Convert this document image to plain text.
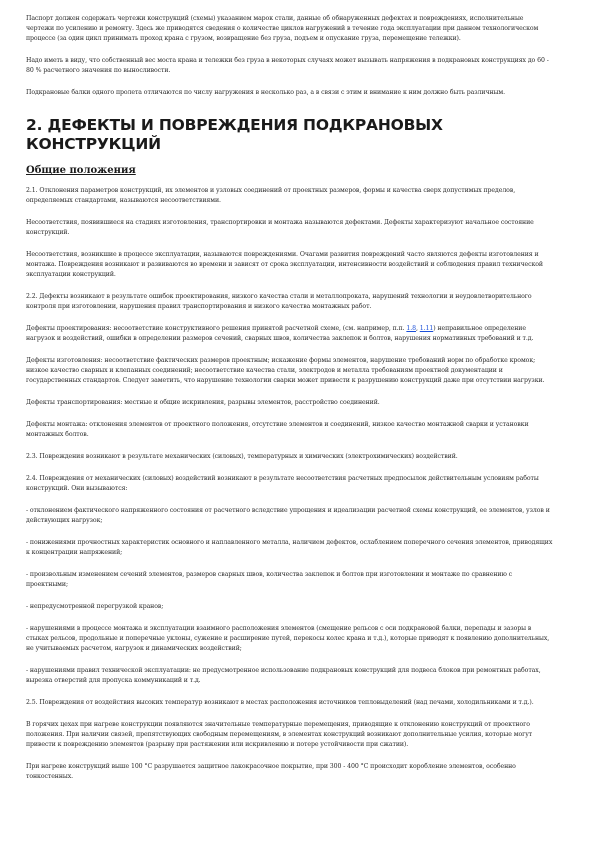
Паспорт должен содержать чертежи конструкций (схемы) указанием марок стали, данные об обнаруженных дефектах и повреждениях, исполнительные чертежи по усилению и ремонту. Здесь же приводятся сведения о количестве циклов нагружений в течение года эксплуатации при данном технологическом процессе (за один цикл принимать проход крана с грузом, возвращение без груза, подъем и опускание груза, перемещение тележки).

Надо иметь в виду, что собственный вес моста крана и тележки без груза в некоторых случаях может вызывать напряжения в подкрановых конструкциях до 60 - 80 % расчетного значения по выносливости.

Подкрановые балки одного пролета отличаются по числу нагружения в несколько раз, а в связи с этим и внимание к ним должно быть различным.

2. ДЕФЕКТЫ И ПОВРЕЖДЕНИЯ ПОДКРАНОВЫХ КОНСТРУКЦИЙ
Общие положения

2.1. Отклонения параметров конструкций, их элементов и узловых соединений от проектных размеров, формы и качества сверх допустимых пределов, определяемых стандартами, называются несоответствиями.

Несоответствия, появившиеся на стадиях изготовления, транспортировки и монтажа называются дефектами. Дефекты характеризуют начальное состояние конструкций.

Несоответствия, возникшие в процессе эксплуатации, называются повреждениями. Очагами развития повреждений часто являются дефекты изготовления и монтажа. Повреждения возникают и развиваются во времени и зависят от срока эксплуатации, интенсивности воздействий и соблюдения правил технической эксплуатации конструкций.

2.2. Дефекты возникают в результате ошибок проектирования, низкого качества стали и металлопроката, нарушений технологии и неудовлетворительного контроля при изготовлении, нарушения правил транспортирования и низкого качества монтажных работ.

Дефекты проектирования: несоответствие конструктивного решения принятой расчетной схеме, (см. например, п.п. 1.8, 1.11) неправильное определение нагрузок и воздействий, ошибки в определении размеров сечений, сварных швов, количества заклепок и болтов, нарушения нормативных требований и т.д.

Дефекты изготовления: несоответствие фактических размеров проектным; искажение формы элементов, нарушение требований норм по обработке кромок; низкое качество сварных и клепанных соединений; несоответствие качества стали, электродов и металла требованиям проектной документации и государственных стандартов. Следует заметить, что нарушение технологии сварки может привести к разрушению конструкций даже при отсутствии нагрузки.

Дефекты транспортирования: местные и общие искривления, разрывы элементов, расстройство соединений.

Дефекты монтажа: отклонения элементов от проектного положения, отсутствие элементов и соединений, низкое качество монтажной сварки и установки монтажных болтов.

2.3. Повреждения возникают в результате механических (силовых), температурных и химических (электрохимических) воздействий.

2.4. Повреждения от механических (силовых) воздействий возникают в результате несоответствия расчетных предпосылок действительным условиям работы конструкций. Они вызываются:

- отклонением фактического напряженного состояния от расчетного вследствие упрощения и идеализации расчетной схемы конструкций, ее элементов, узлов и действующих нагрузок;

- понижениями прочностных характеристик основного и наплавленного металла, наличием дефектов, ослаблением поперечного сечения элементов, приводящих к концентрации напряжений;

- произвольным изменением сечений элементов, размеров сварных швов, количества заклепок и болтов при изготовлении и монтаже по сравнению с проектными;

- непредусмотренной перегрузкой кранов;

- нарушениями в процессе монтажа и эксплуатации взаимного расположения элементов (смещение рельсов с оси подкрановой балки, перепады и зазоры в стыках рельсов, продольные и поперечные уклоны, сужение и расширение путей, перекосы колес крана и т.д.), которые приводят к появлению дополнительных, не учитываемых расчетом, нагрузок и динамических воздействий;

- нарушениями правил технической эксплуатации: не предусмотренное использование подкрановых конструкций для подвеса блоков при ремонтных работах, вырезка отверстий для пропуска коммуникаций и т.д.

2.5. Повреждения от воздействия высоких температур возникают в местах расположения источников тепловыделений (над печами, холодильниками и т.д.).

В горячих цехах при нагреве конструкции появляются значительные температурные перемещения, приводящие к отклонению конструкций от проектного положения. При наличии связей, препятствующих свободным перемещениям, в элементах конструкций возникают дополнительные усилия, которые могут привести к повреждению элементов (разрыву при растяжении или искривлению и потере устойчивости при сжатии).

При нагреве конструкций выше 100 °С разрушается защитное лакокрасочное покрытие, при 300 - 400 °С происходит коробление элементов, особенно тонкостенных.
